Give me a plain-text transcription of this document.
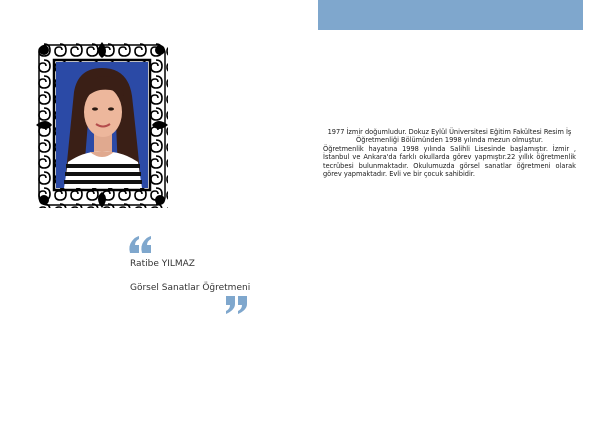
1977 İzmir doğumludur. Dokuz Eylül Üniversitesi Eğitim Fakültesi Resim İş Öğretmenliği Bölümünden 1998 yılında mezun olmuştur.

Öğretmenlik hayatına 1998 yılında Salihli Lisesinde başlamıştır. İzmir , İstanbul ve Ankara'da farklı okullarda görev yapmıştır.22 yıllık öğretmenlik tecrübesi bulunmaktadır. Okulumuzda görsel sanatlar öğretmeni olarak görev yapmaktadır. Evli ve bir çocuk sahibidir.

Ratibe YILMAZ
Görsel Sanatlar Öğretmeni
